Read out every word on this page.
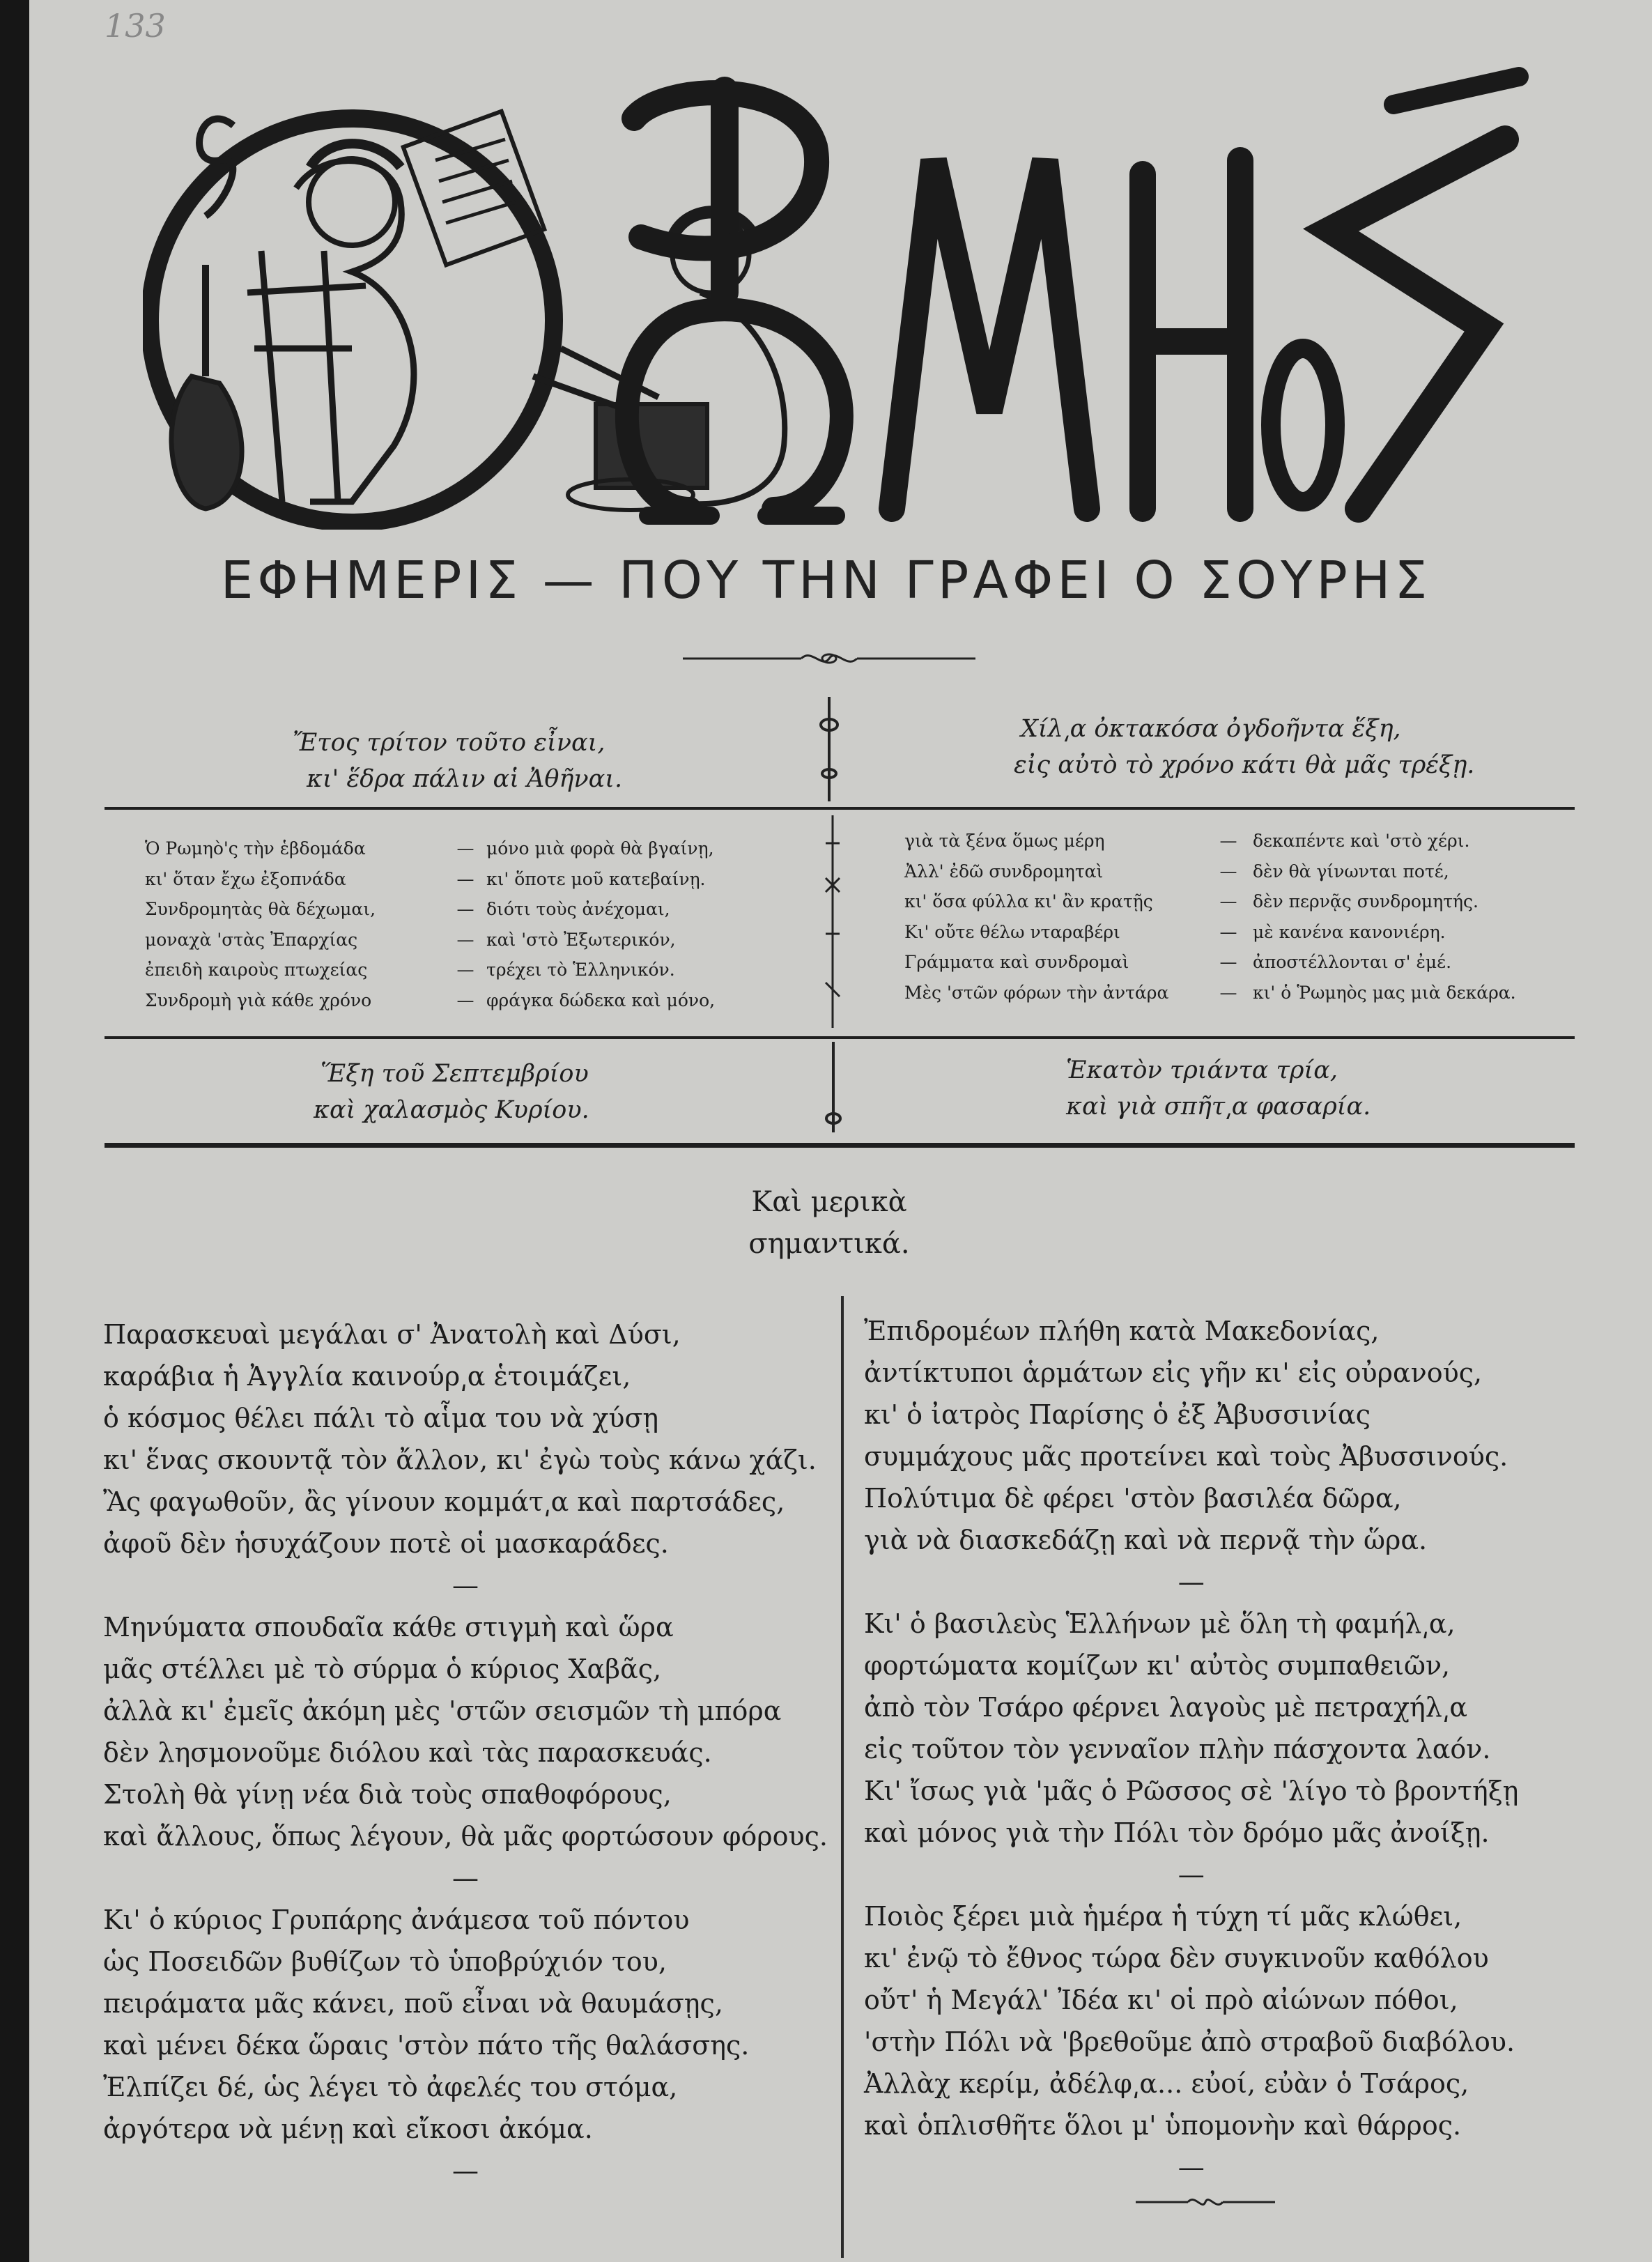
133
ΕΦΗΜΕΡΙΣ — ΠΟΥ ΤΗΝ ΓΡΑΦΕΙ Ο ΣΟΥΡΗΣ
Ἔτος τρίτον τοῦτο εἶναι,
κι' ἕδρα πάλιν αἱ Ἀθῆναι.
Χίλ͵α ὀκτακόσα ὀγδοῆντα ἕξη,
εἰς αὐτὸ τὸ χρόνο κάτι θὰ μᾶς τρέξῃ.
Ὁ Ρωμηὸ'ς τὴν ἑβδομάδα	— μόνο μιὰ φορὰ θὰ βγαίνῃ,
κι' ὅταν ἔχω ἐξοπνάδα	— κι' ὅποτε μοῦ κατεβαίνῃ.
Συνδρομητὰς θὰ δέχωμαι,	— διότι τοὺς ἀνέχομαι,
μοναχὰ 'στὰς Ἐπαρχίας	— καὶ 'στὸ Ἐξωτερικόν,
ἐπειδὴ καιροὺς πτωχείας	— τρέχει τὸ Ἑλληνικόν.
Συνδρομὴ γιὰ κάθε χρόνο	— φράγκα δώδεκα καὶ μόνο,
γιὰ τὰ ξένα ὅμως μέρη	— δεκαπέντε καὶ 'στὸ χέρι.
Ἀλλ' ἐδῶ συνδρομηταὶ	— δὲν θὰ γίνωνται ποτέ,
κι' ὅσα φύλλα κι' ἂν κρατῇς	— δὲν περνᾷς συνδρομητής.
Κι' οὔτε θέλω νταραβέρι	— μὲ κανένα κανονιέρη.
Γράμματα καὶ συνδρομαὶ	— ἀποστέλλονται σ' ἐμέ.
Μὲς 'στῶν φόρων τὴν ἀντάρα	— κι' ὁ Ῥωμηὸς μας μιὰ δεκάρα.
Ἕξη τοῦ Σεπτεμβρίου
καὶ χαλασμὸς Κυρίου.
Ἑκατὸν τριάντα τρία,
καὶ γιὰ σπῆτ͵α φασαρία.
Καὶ μερικὰ
σημαντικά.
Παρασκευαὶ μεγάλαι σ' Ἀνατολὴ καὶ Δύσι,
καράβια ἡ Ἀγγλία καινούρ͵α ἑτοιμάζει,
ὁ κόσμος θέλει πάλι τὸ αἷμα του νὰ χύσῃ
κι' ἕνας σκουντᾷ τὸν ἄλλον, κι' ἐγὼ τοὺς κάνω χάζι.
Ἂς φαγωθοῦν, ἂς γίνουν κομμάτ͵α καὶ παρτσάδες,
ἀφοῦ δὲν ἡσυχάζουν ποτὲ οἱ μασκαράδες.
—
Μηνύματα σπουδαῖα κάθε στιγμὴ καὶ ὥρα
μᾶς στέλλει μὲ τὸ σύρμα ὁ κύριος Χαβᾶς,
ἀλλὰ κι' ἐμεῖς ἀκόμη μὲς 'στῶν σεισμῶν τὴ μπόρα
δὲν λησμονοῦμε διόλου καὶ τὰς παρασκευάς.
Στολὴ θὰ γίνῃ νέα διὰ τοὺς σπαθοφόρους,
καὶ ἄλλους, ὅπως λέγουν, θὰ μᾶς φορτώσουν φόρους.
—
Κι' ὁ κύριος Γρυπάρης ἀνάμεσα τοῦ πόντου
ὡς Ποσειδῶν βυθίζων τὸ ὑποβρύχιόν του,
πειράματα μᾶς κάνει, ποῦ εἶναι νὰ θαυμάσῃς,
καὶ μένει δέκα ὥραις 'στὸν πάτο τῆς θαλάσσης.
Ἐλπίζει δέ, ὡς λέγει τὸ ἀφελές του στόμα,
ἀργότερα νὰ μένῃ καὶ εἴκοσι ἀκόμα.
—
Ἐπιδρομέων πλήθη κατὰ Μακεδονίας,
ἀντίκτυποι ἁρμάτων εἰς γῆν κι' εἰς οὐρανούς,
κι' ὁ ἰατρὸς Παρίσης ὁ ἐξ Ἀβυσσινίας
συμμάχους μᾶς προτείνει καὶ τοὺς Ἀβυσσινούς.
Πολύτιμα δὲ φέρει 'στὸν βασιλέα δῶρα,
γιὰ νὰ διασκεδάζῃ καὶ νὰ περνᾷ τὴν ὥρα.
—
Κι' ὁ βασιλεὺς Ἑλλήνων μὲ ὅλη τὴ φαμήλ͵α,
φορτώματα κομίζων κι' αὐτὸς συμπαθειῶν,
ἀπὸ τὸν Τσάρο φέρνει λαγοὺς μὲ πετραχήλ͵α
εἰς τοῦτον τὸν γενναῖον πλὴν πάσχοντα λαόν.
Κι' ἴσως γιὰ 'μᾶς ὁ Ρῶσσος σὲ 'λίγο τὸ βροντήξῃ
καὶ μόνος γιὰ τὴν Πόλι τὸν δρόμο μᾶς ἀνοίξῃ.
—
Ποιὸς ξέρει μιὰ ἡμέρα ἡ τύχη τί μᾶς κλώθει,
κι' ἐνῷ τὸ ἔθνος τώρα δὲν συγκινοῦν καθόλου
οὔτ' ἡ Μεγάλ' Ἰδέα κι' οἱ πρὸ αἰώνων πόθοι,
'στὴν Πόλι νὰ 'βρεθοῦμε ἀπὸ στραβοῦ διαβόλου.
Ἀλλὰχ κερίμ, ἀδέλφ͵α... εὐοί, εὐὰν ὁ Τσάρος,
καὶ ὁπλισθῆτε ὅλοι μ' ὑπομονὴν καὶ θάρρος.
—
